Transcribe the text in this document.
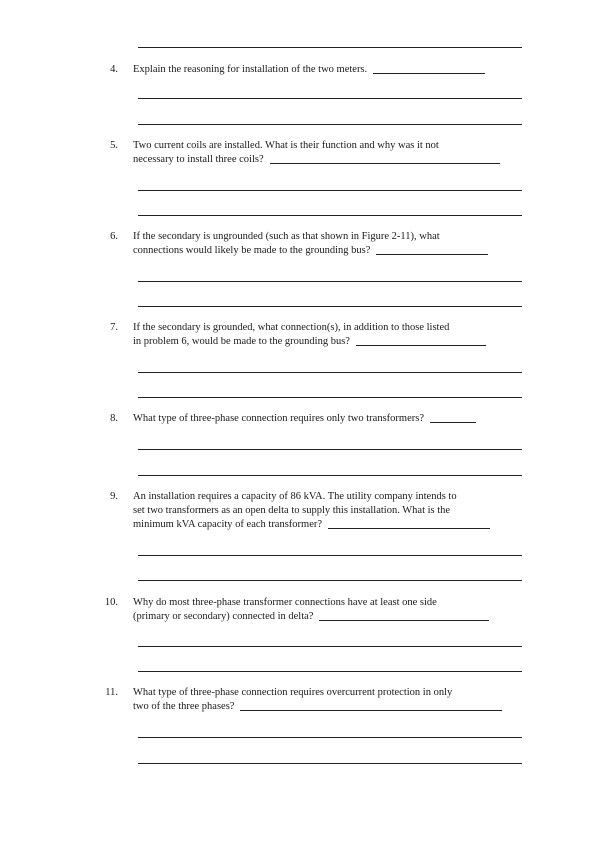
4. Explain the reasoning for installation of the two meters.
5. Two current coils are installed. What is their function and why was it not
necessary to install three coils?
6. If the secondary is ungrounded (such as that shown in Figure 2-11), what
connections would likely be made to the grounding bus?
7. If the secondary is grounded, what connection(s), in addition to those listed
in problem 6, would be made to the grounding bus?
8. What type of three-phase connection requires only two transformers?
9. An installation requires a capacity of 86 kVA. The utility company intends to
set two transformers as an open delta to supply this installation. What is the
minimum kVA capacity of each transformer?
10. Why do most three-phase transformer connections have at least one side
(primary or secondary) connected in delta?
11. What type of three-phase connection requires overcurrent protection in only
two of the three phases?
